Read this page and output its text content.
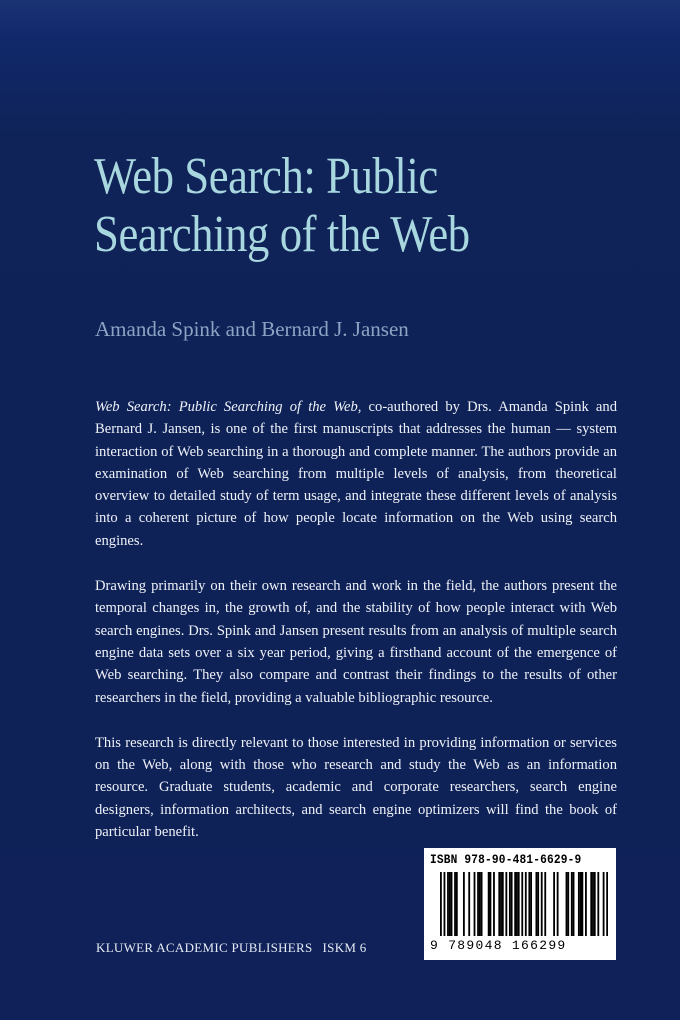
Web Search: Public
Searching of the Web
Amanda Spink and Bernard J. Jansen

Web Search: Public Searching of the Web, co-authored by Drs. Amanda Spink and Bernard J. Jansen, is one of the first manuscripts that addresses the human — system interaction of Web searching in a thorough and complete manner. The authors provide an examination of Web searching from multiple levels of analysis, from theoretical overview to detailed study of term usage, and integrate these different levels of analysis into a coherent picture of how people locate information on the Web using search engines.

Drawing primarily on their own research and work in the field, the authors present the temporal changes in, the growth of, and the stability of how people interact with Web search engines. Drs. Spink and Jansen present results from an analysis of multiple search engine data sets over a six year period, giving a firsthand account of the emergence of Web searching. They also compare and contrast their findings to the results of other researchers in the field, providing a valuable bibliographic resource.

This research is directly relevant to those interested in providing information or services on the Web, along with those who research and study the Web as an information resource. Graduate students, academic and corporate researchers, search engine designers, information architects, and search engine optimizers will find the book of particular benefit.

KLUWER ACADEMIC PUBLISHERS ISKM 6
ISBN 978-90-481-6629-9
9 789048 166299
